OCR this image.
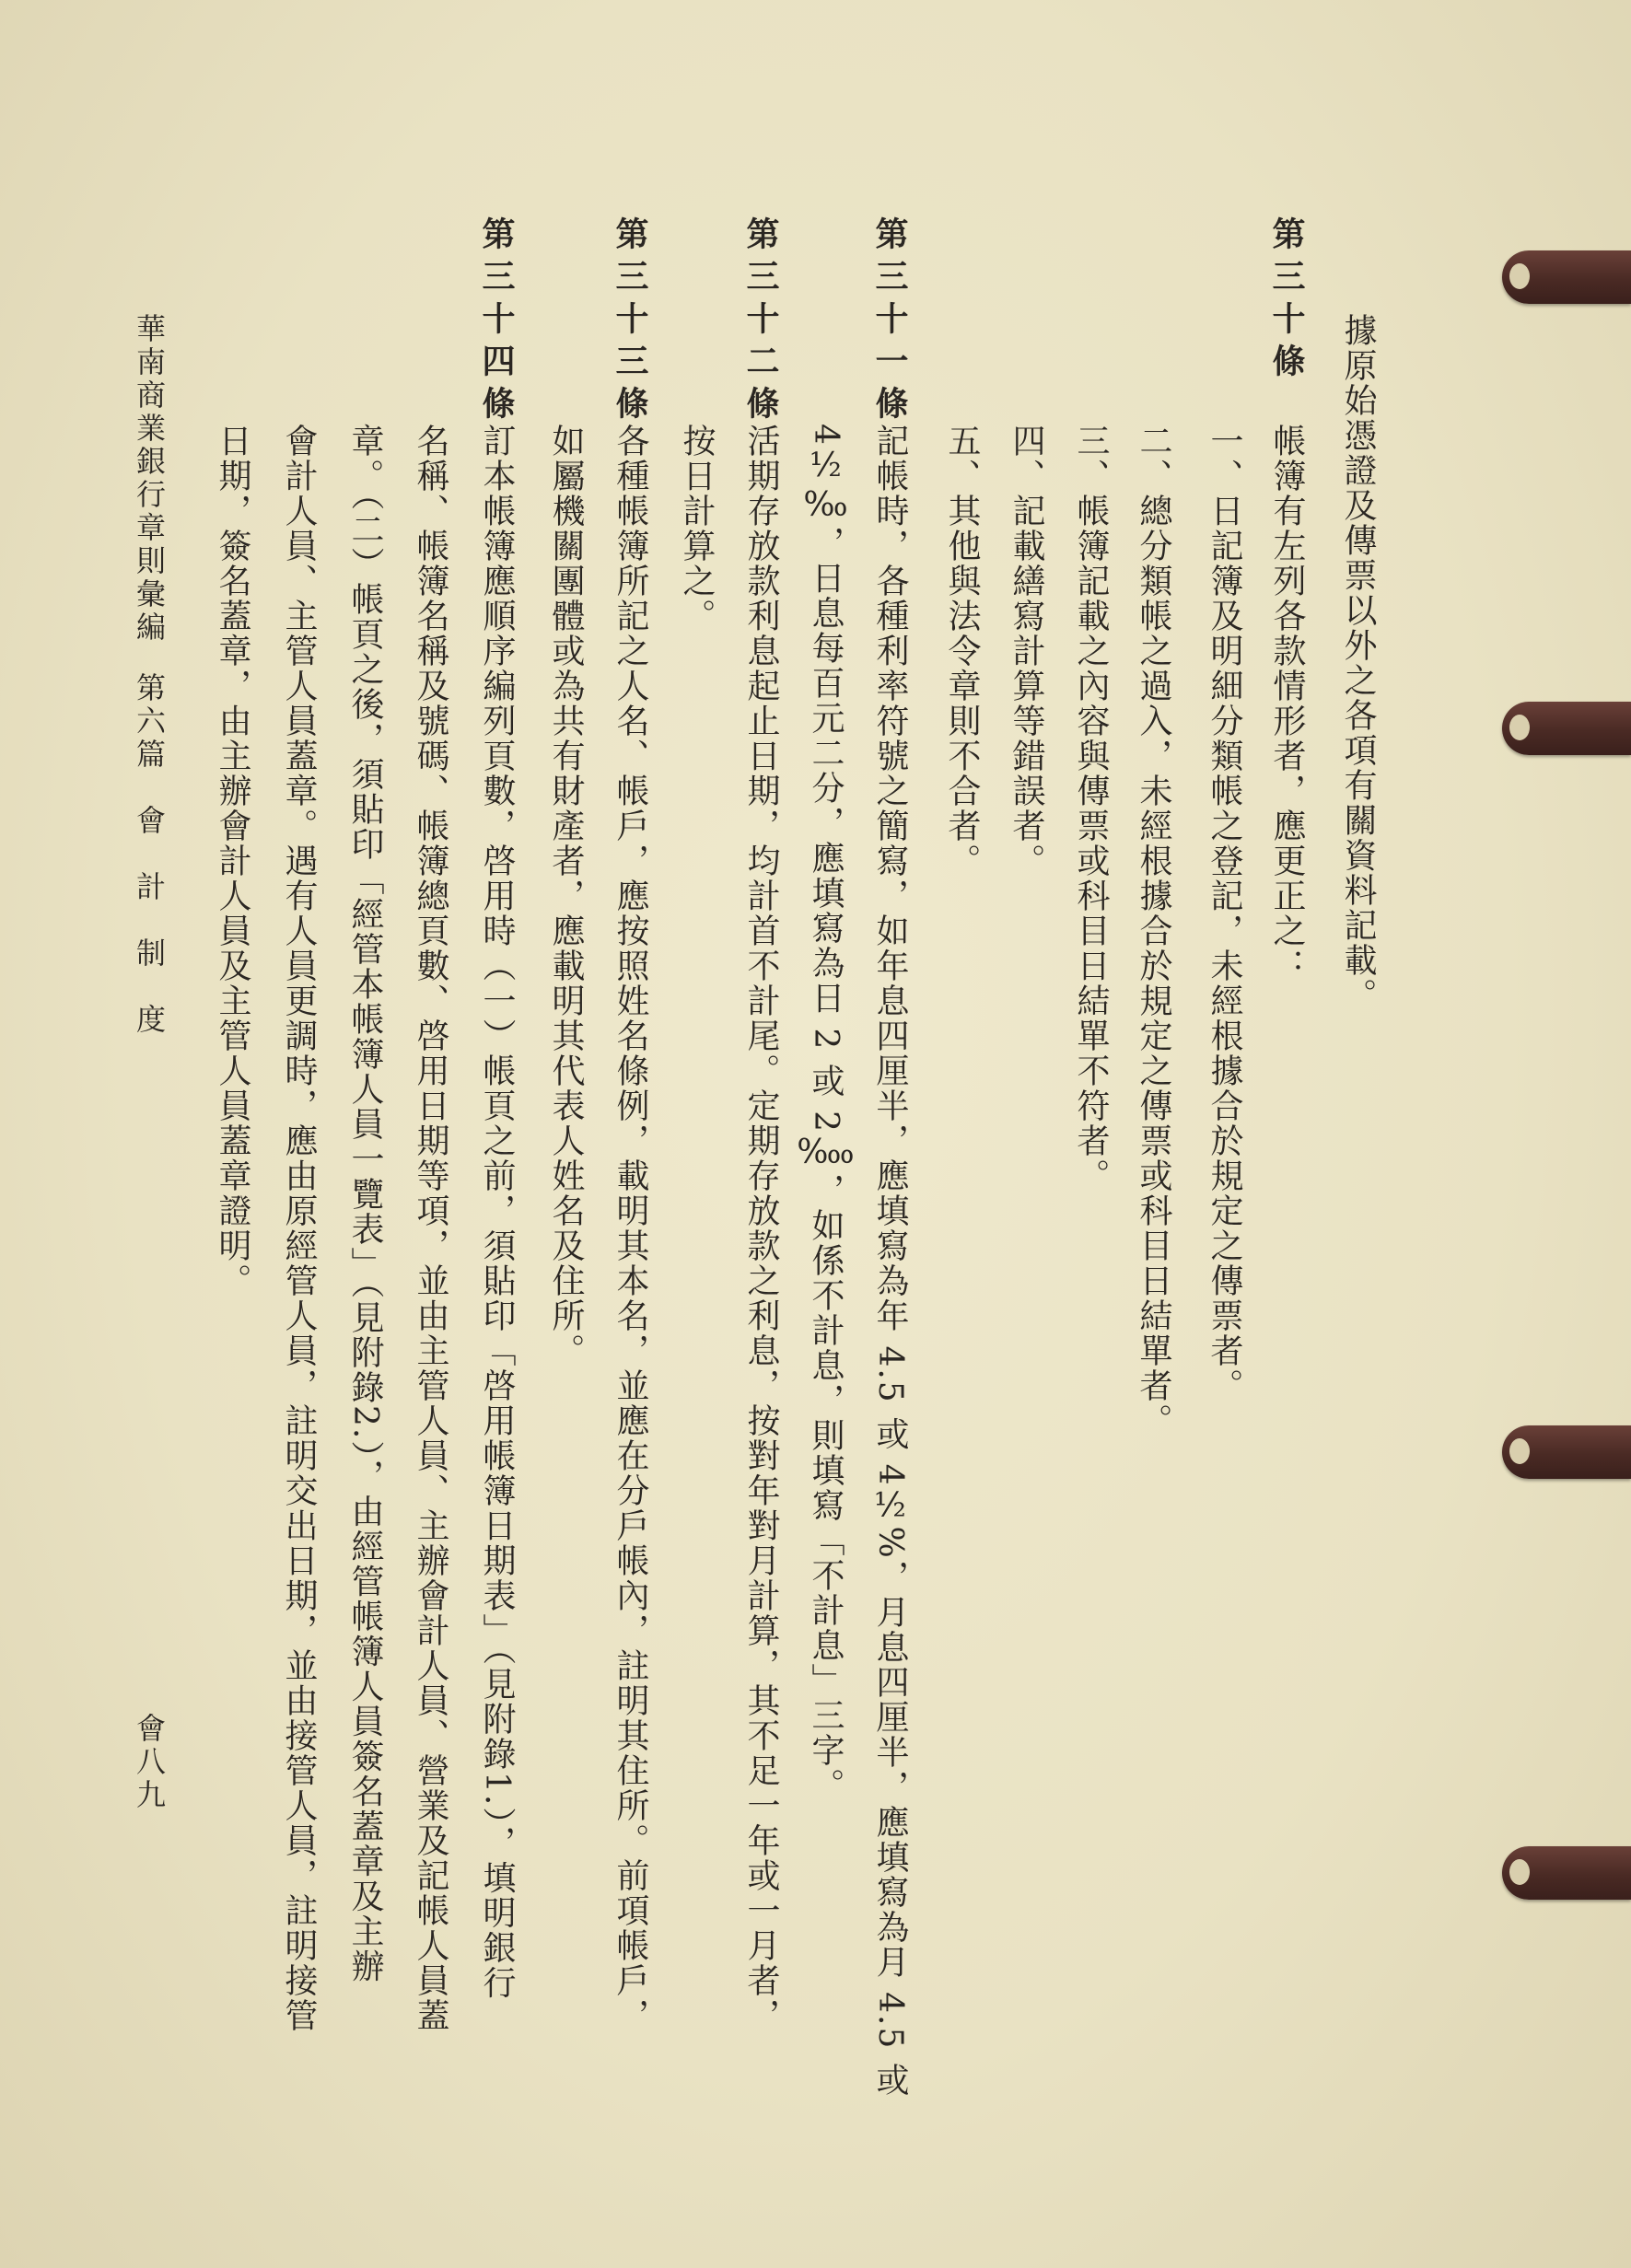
據原始憑證及傳票以外之各項有關資料記載。
第三十條
帳簿有左列各款情形者，應更正之：
一、日記簿及明細分類帳之登記，未經根據合於規定之傳票者。
二、總分類帳之過入，未經根據合於規定之傳票或科目日結單者。
三、帳簿記載之內容與傳票或科目日結單不符者。
四、記載繕寫計算等錯誤者。
五、其他與法令章則不合者。
第三十一條
記帳時，各種利率符號之簡寫，如年息四厘半，應填寫為年 4.5 或 4½%，月息四厘半，應填寫為月 4.5 或
4½‰，日息每百元二分，應填寫為日 2 或 2‱，如係不計息，則填寫「不計息」三字。
第三十二條
活期存放款利息起止日期，均計首不計尾。定期存放款之利息，按對年對月計算，其不足一年或一月者，
按日計算之。
第三十三條
各種帳簿所記之人名、帳戶，應按照姓名條例，載明其本名，並應在分戶帳內，註明其住所。前項帳戶，
如屬機關團體或為共有財產者，應載明其代表人姓名及住所。
第三十四條
訂本帳簿應順序編列頁數，啓用時（一）帳頁之前，須貼印「啓用帳簿日期表」（見附錄1.），填明銀行
名稱、帳簿名稱及號碼、帳簿總頁數、啓用日期等項，並由主管人員、主辦會計人員、營業及記帳人員蓋
章。（二）帳頁之後，須貼印「經管本帳簿人員一覽表」（見附錄2.），由經管帳簿人員簽名蓋章及主辦
會計人員、主管人員蓋章。遇有人員更調時，應由原經管人員，註明交出日期，並由接管人員，註明接管
日期，簽名蓋章，由主辦會計人員及主管人員蓋章證明。
華南商業銀行章則彙編
第六篇　會　計　制　度
會八九
